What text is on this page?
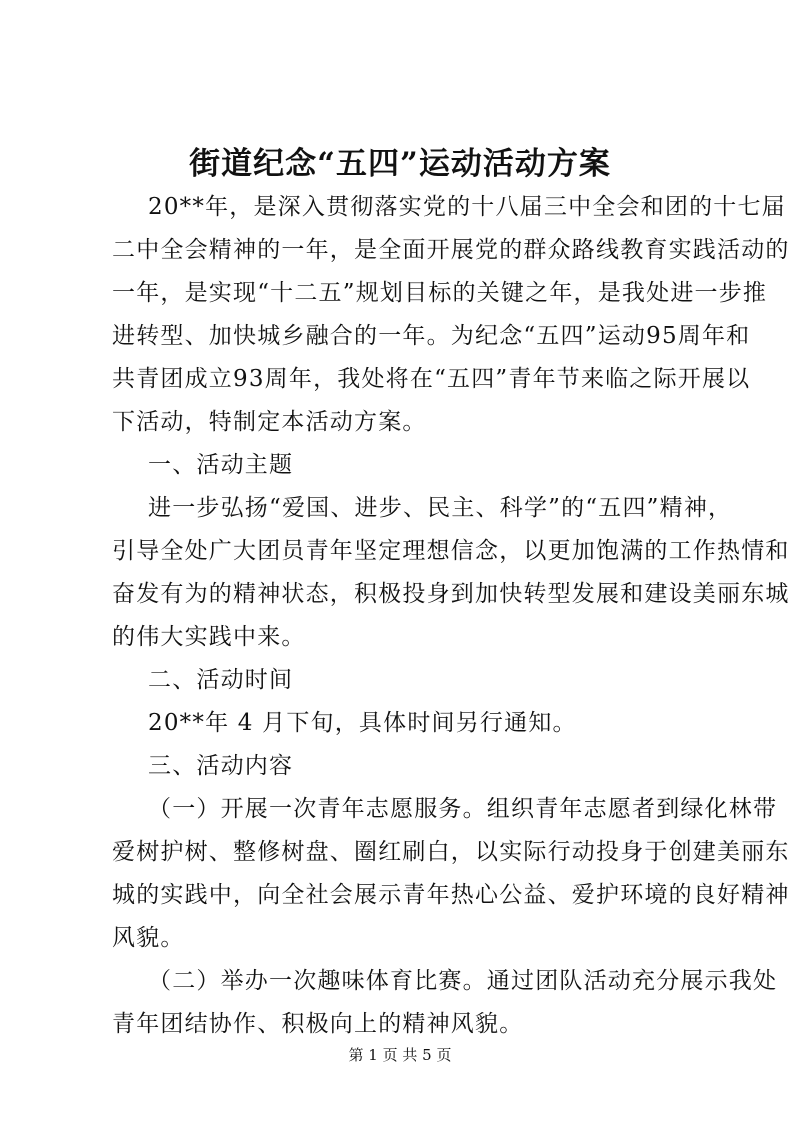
街道纪念“五四”运动活动方案
20**年，是深入贯彻落实党的十八届三中全会和团的十七届
二中全会精神的一年，是全面开展党的群众路线教育实践活动的
一年，是实现“十二五”规划目标的关键之年，是我处进一步推
进转型、加快城乡融合的一年。为纪念“五四”运动95周年和
共青团成立93周年，我处将在“五四”青年节来临之际开展以
下活动，特制定本活动方案。
一、活动主题
进一步弘扬“爱国、进步、民主、科学”的“五四”精神，
引导全处广大团员青年坚定理想信念，以更加饱满的工作热情和
奋发有为的精神状态，积极投身到加快转型发展和建设美丽东城
的伟大实践中来。
二、活动时间
20**年 4 月下旬，具体时间另行通知。
三、活动内容
（一）开展一次青年志愿服务。组织青年志愿者到绿化林带
爱树护树、整修树盘、圈红刷白，以实际行动投身于创建美丽东
城的实践中，向全社会展示青年热心公益、爱护环境的良好精神
风貌。
（二）举办一次趣味体育比赛。通过团队活动充分展示我处
青年团结协作、积极向上的精神风貌。
第 1 页 共 5 页
